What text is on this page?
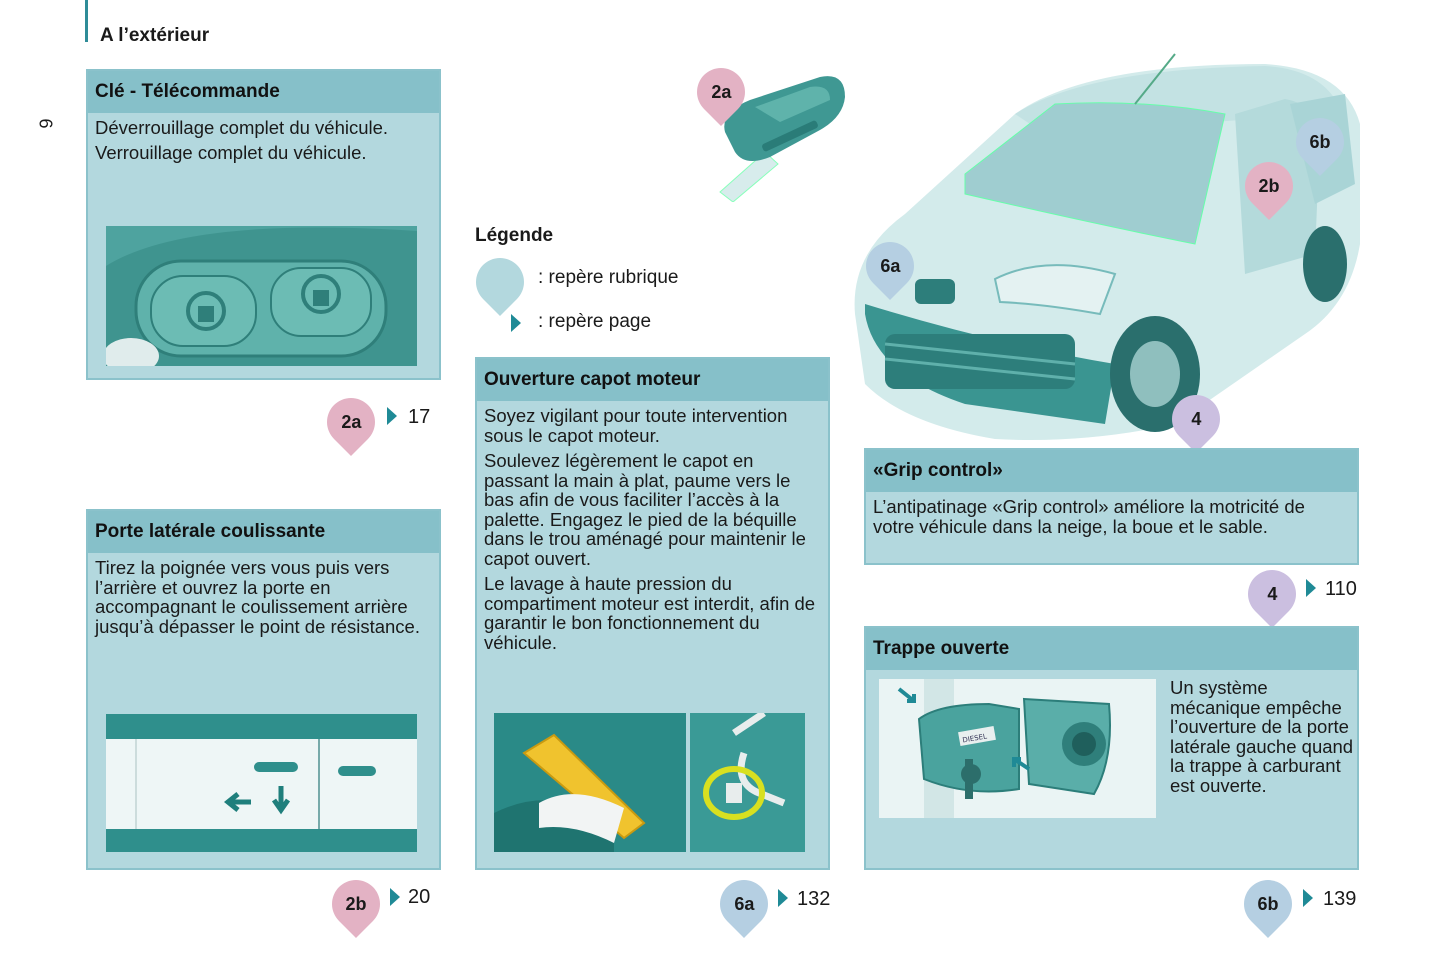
A l’extérieur
6
Clé - Télécommande

Déverrouillage complet du véhicule.

Verrouillage complet du véhicule.

2a 17
Porte latérale coulissante
Tirez la poignée vers vous puis vers l’arrière et ouvrez la porte en accompagnant le coulissement arrière jusqu’à dépasser le point de résistance.
2b 20
2a
Légende
: repère rubrique
: repère page
Ouverture capot moteur

Soyez vigilant pour toute intervention sous le capot moteur.

Soulevez légèrement le capot en passant la main à plat, paume vers le bas afin de vous faciliter l’accès à la palette. Engagez le pied de la béquille dans le trou aménagé pour maintenir le capot ouvert.

Le lavage à haute pression du compartiment moteur est interdit, afin de garantir le bon fonctionnement du véhicule.

6a 132
6b
2b
6a
4
«Grip control»
L’antipatinage «Grip control» améliore la motricité de votre véhicule dans la neige, la boue et le sable.
4 110
Trappe ouverte
Un système mécanique empêche l’ouverture de la porte latérale gauche quand la trappe à carburant est ouverte.
DIESEL
6b 139
